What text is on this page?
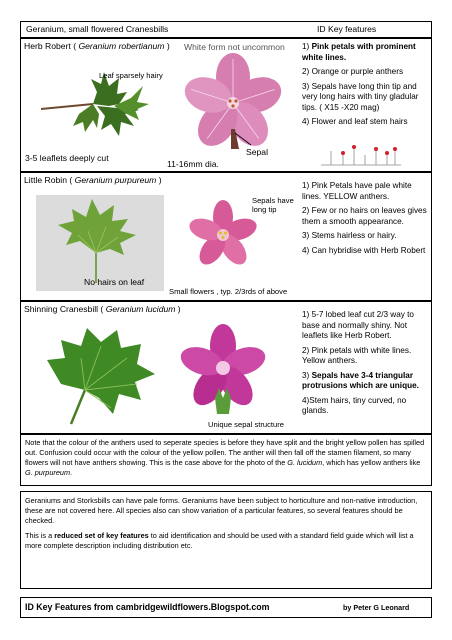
Geranium, small flowered Cranesbills	ID Key features
Herb Robert ( Geranium robertianum ) White form not uncommon
Leaf sparsely hairy
3-5 leaflets deeply cut
11-16mm dia.
Sepal

1) Pink petals with prominent white lines.

2) Orange or purple anthers

3) Sepals have long thin tip and very long hairs with tiny gladular tips. ( X15 -X20 mag)

4) Flower and leaf stem hairs

Little Robin ( Geranium purpureum )
No hairs on leaf
Sepals have long tip
Small flowers , typ. 2/3rds of above

1) Pink Petals have pale white lines. YELLOW anthers.

2) Few or no hairs on leaves gives them a smooth appearance.

3) Stems hairless or hairy.

4) Can hybridise with Herb Robert

Shinning Cranesbill ( Geranium lucidum )
Unique sepal structure

1) 5-7 lobed leaf cut 2/3 way to base and normally shiny. Not leaflets like Herb Robert.

2) Pink petals with white lines. Yellow anthers.

3) Sepals have 3-4 triangular protrusions which are unique.

4)Stem hairs, tiny curved, no glands.

Note that the colour of the anthers used to seperate species is before they have split and the bright yellow pollen has spilled out. Confusion could occur with the colour of the yellow pollen. The anther will then fall off the stamen filament, so many flowers will not have anthers showing. This is the case above for the photo of the G. lucidum, which has yellow anthers like G. purpureum.

Geraniums and Storksbills can have pale forms. Geraniums have been subject to horticulture and non-native introduction, these are not covered here. All species also can show variation of a particular features, so several features should be checked.

This is a reduced set of key features to aid identification and should be used with a standard field guide which will list a more complete description including distribution etc.

ID Key Features from cambridgewildflowers.Blogspot.com	by Peter G Leonard
